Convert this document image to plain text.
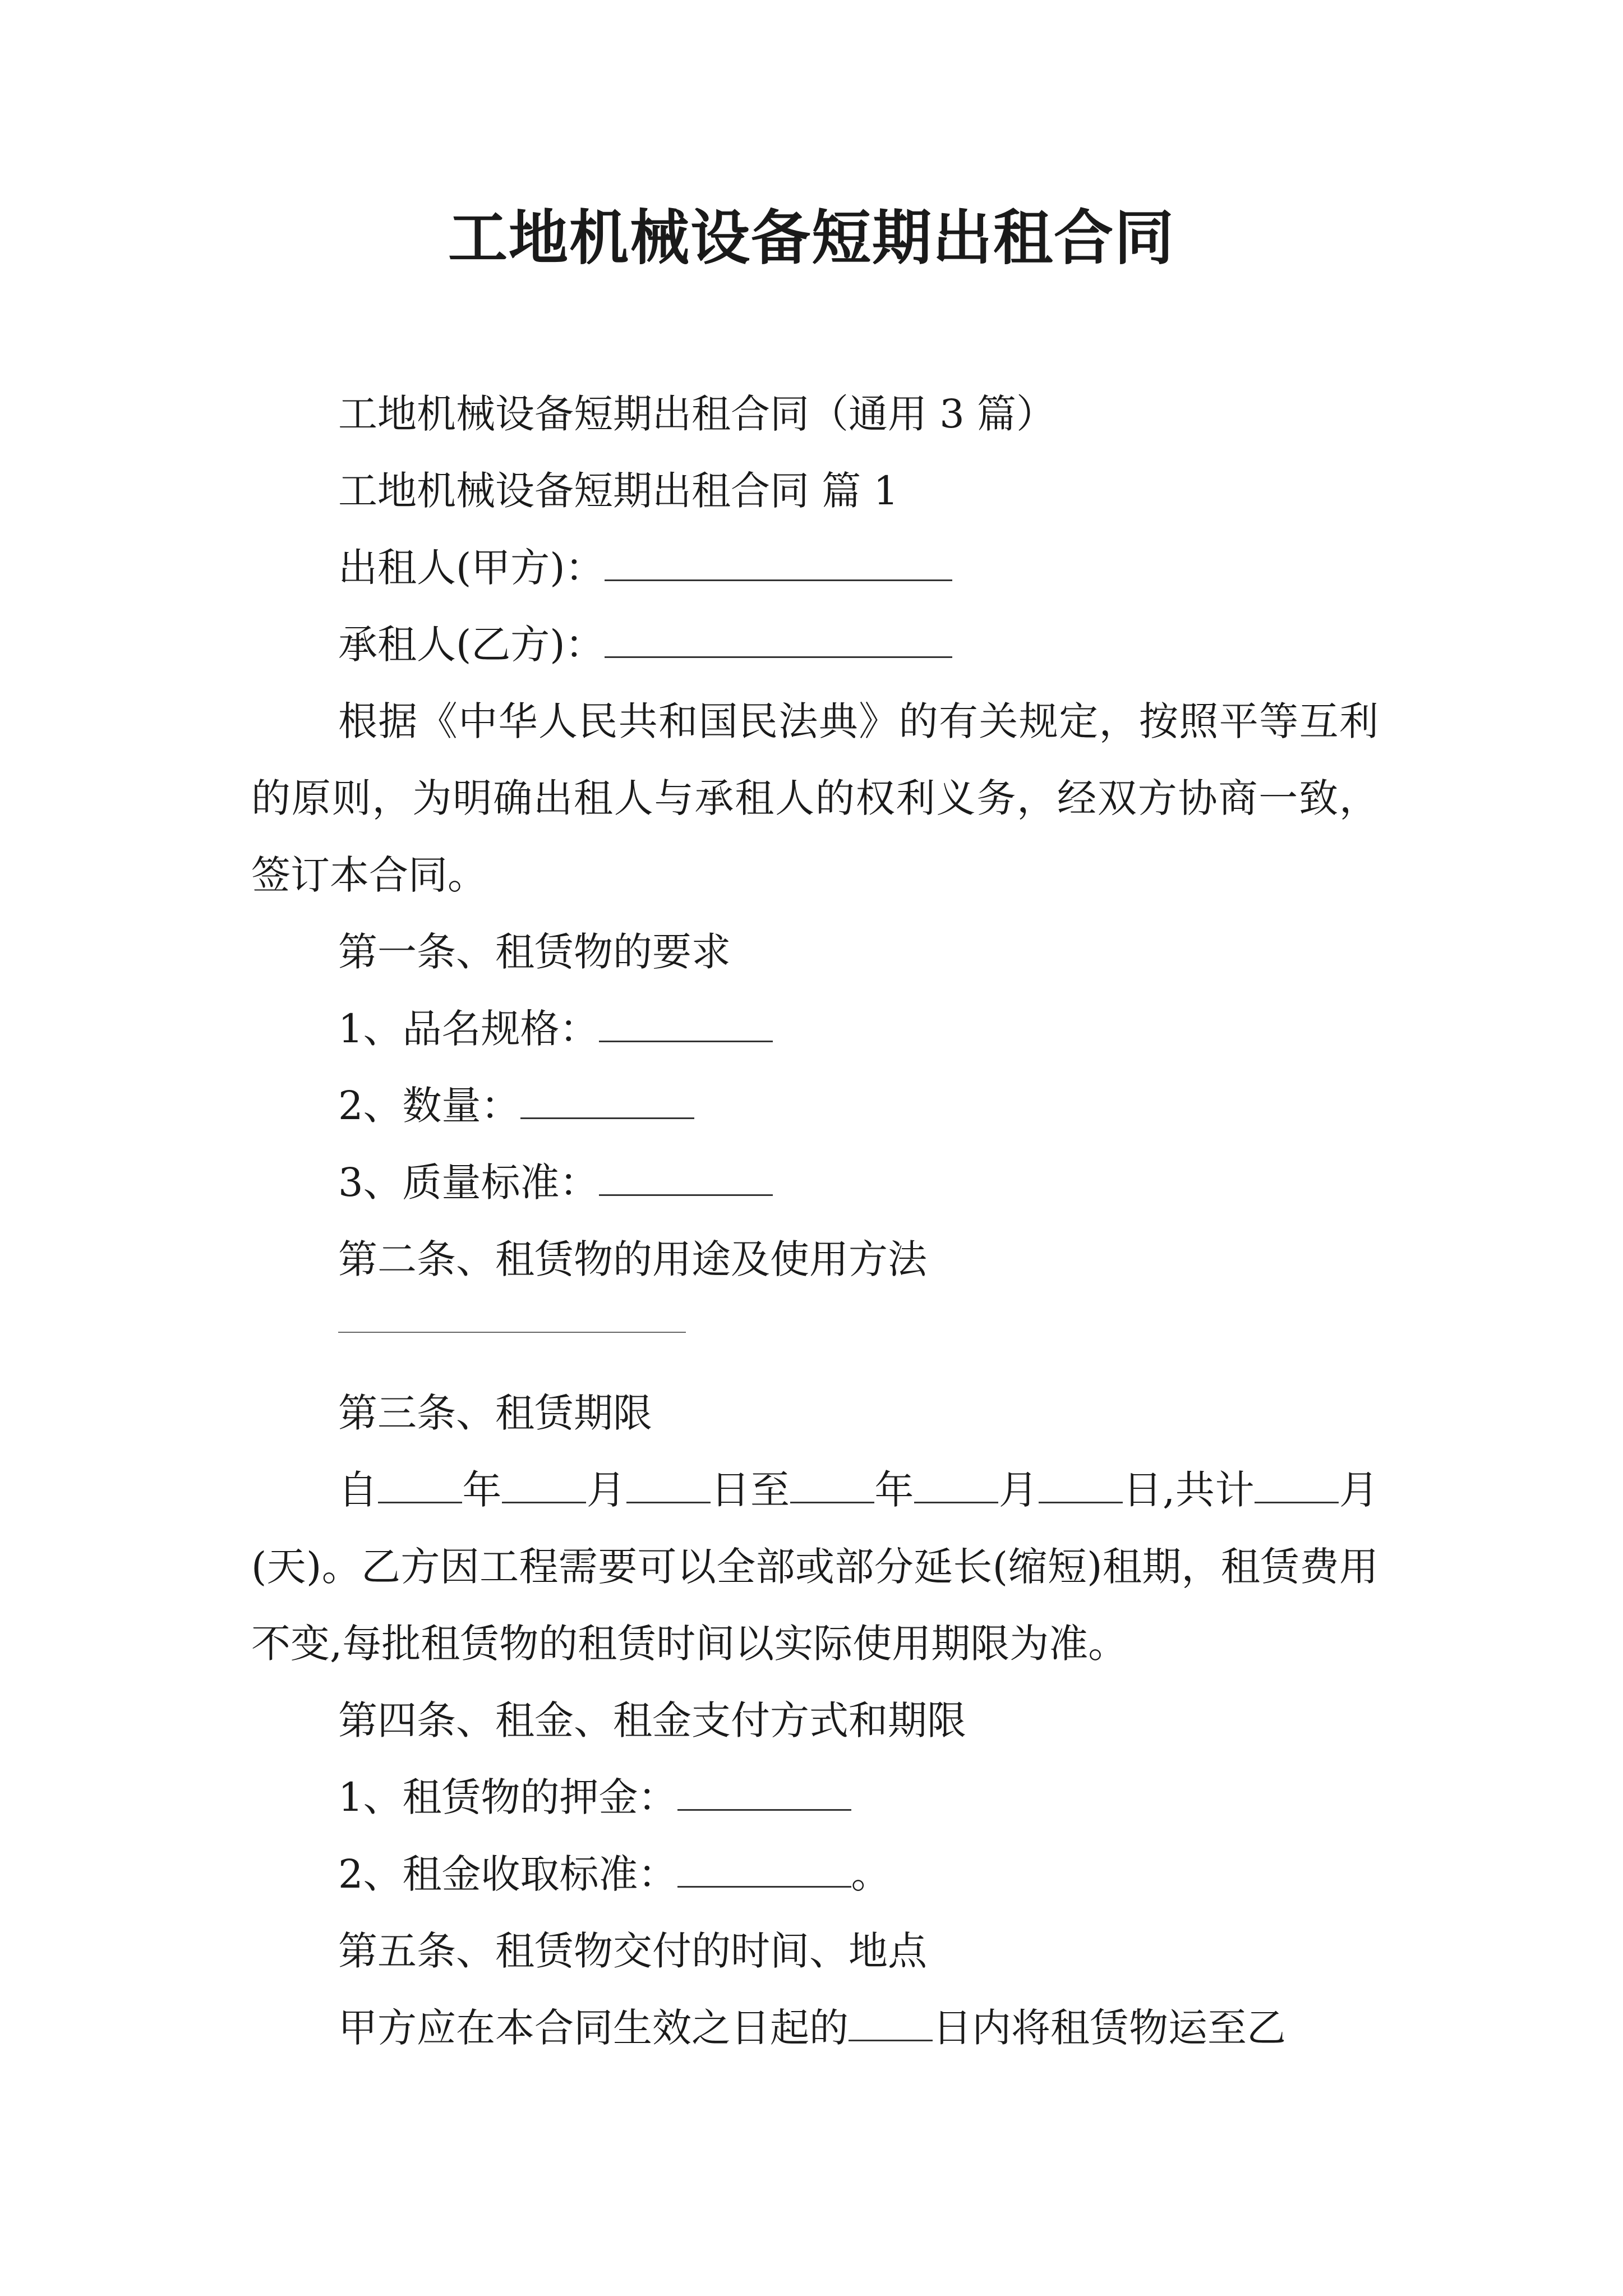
工地机械设备短期出租合同

工地机械设备短期出租合同（通用 3 篇）

工地机械设备短期出租合同 篇 1

出租人(甲方)：

承租人(乙方)：

根据《中华人民共和国民法典》的有关规定，按照平等互利的原则，为明确出租人与承租人的权利义务，经双方协商一致，签订本合同。

第一条、租赁物的要求

1、品名规格：

2、数量：

3、质量标准：

第二条、租赁物的用途及使用方法

第三条、租赁期限

自 年 月 日至 年 月 日,共计 月(天)。乙方因工程需要可以全部或部分延长(缩短)租期，租赁费用不变,每批租赁物的租赁时间以实际使用期限为准。

第四条、租金、租金支付方式和期限

1、租赁物的押金：

2、租金收取标准：	。

第五条、租赁物交付的时间、地点

甲方应在本合同生效之日起的 日内将租赁物运至乙
